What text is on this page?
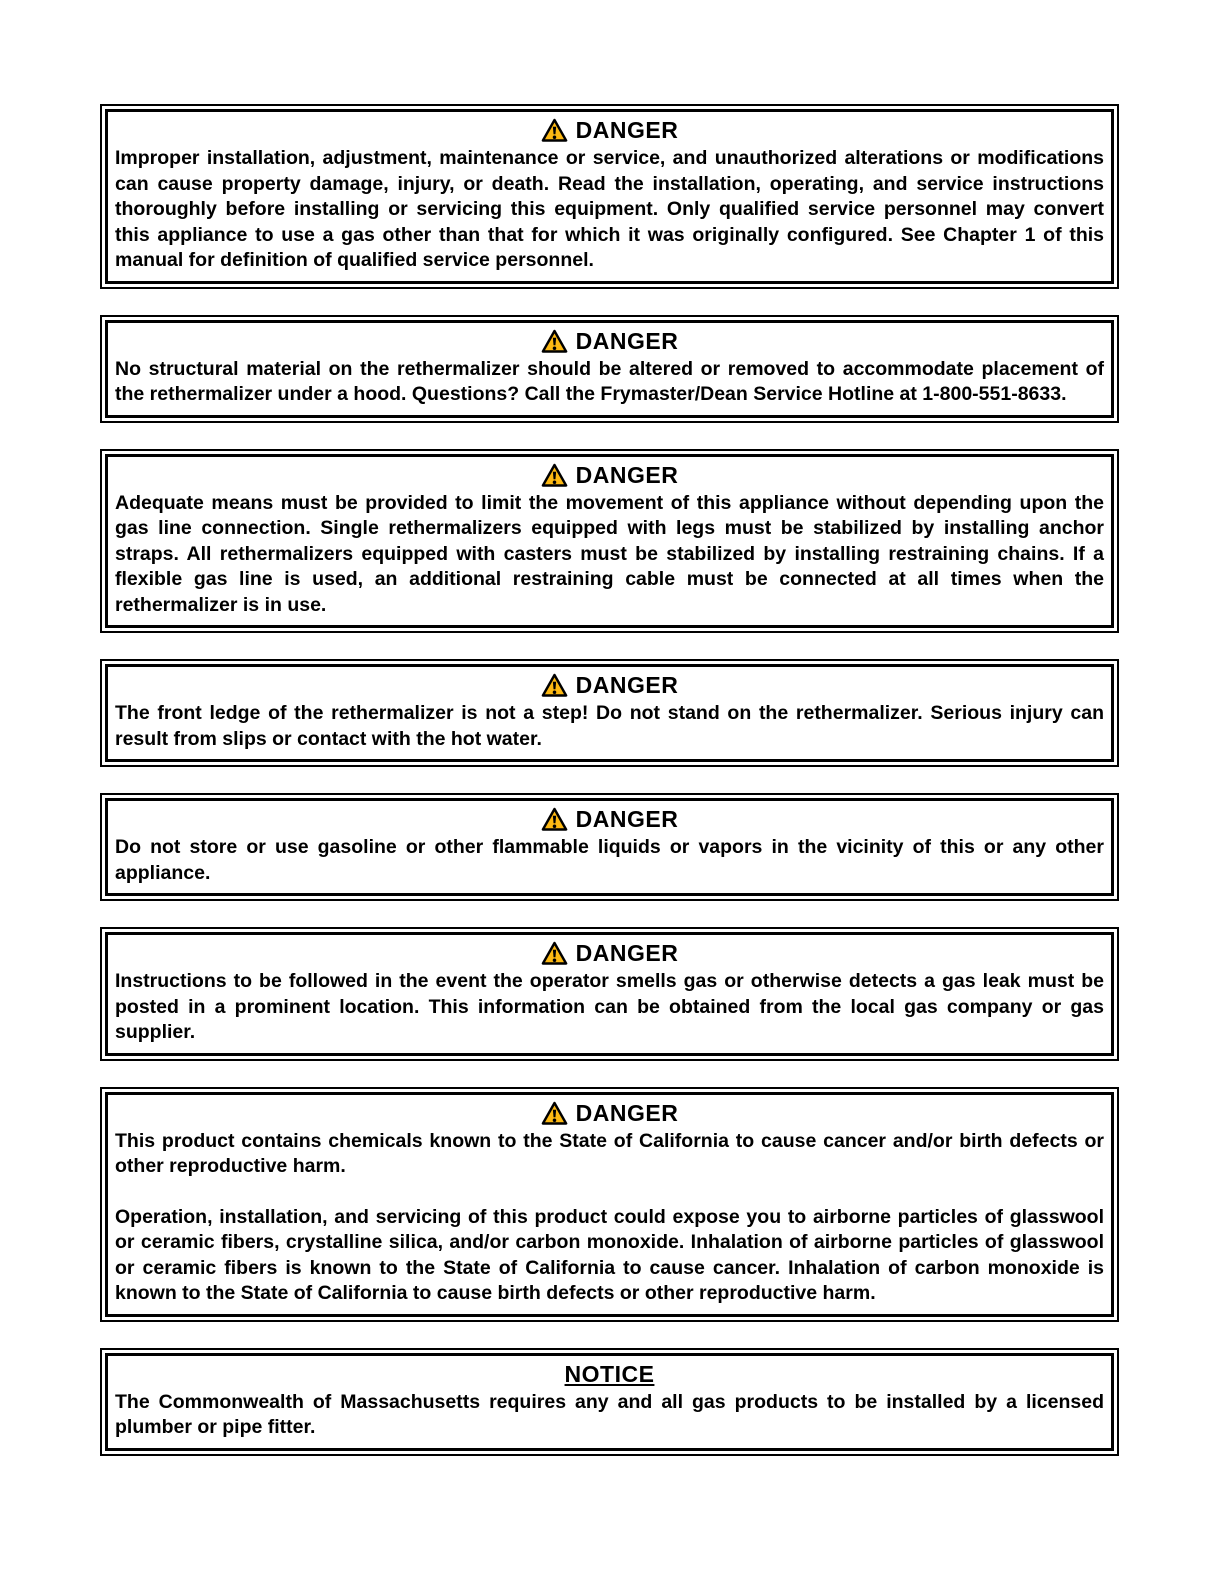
DANGER

Improper installation, adjustment, maintenance or service, and unauthorized alterations or modifications can cause property damage, injury, or death. Read the installation, operating, and service instructions thoroughly before installing or servicing this equipment. Only qualified service personnel may convert this appliance to use a gas other than that for which it was originally configured. See Chapter 1 of this manual for definition of qualified service personnel.

DANGER

No structural material on the rethermalizer should be altered or removed to accommodate placement of the rethermalizer under a hood. Questions? Call the Frymaster/Dean Service Hotline at 1-800-551-8633.

DANGER

Adequate means must be provided to limit the movement of this appliance without depending upon the gas line connection. Single rethermalizers equipped with legs must be stabilized by installing anchor straps. All rethermalizers equipped with casters must be stabilized by installing restraining chains. If a flexible gas line is used, an additional restraining cable must be connected at all times when the rethermalizer is in use.

DANGER

The front ledge of the rethermalizer is not a step! Do not stand on the rethermalizer. Serious injury can result from slips or contact with the hot water.

DANGER

Do not store or use gasoline or other flammable liquids or vapors in the vicinity of this or any other appliance.

DANGER

Instructions to be followed in the event the operator smells gas or otherwise detects a gas leak must be posted in a prominent location. This information can be obtained from the local gas company or gas supplier.

DANGER

This product contains chemicals known to the State of California to cause cancer and/or birth defects or other reproductive harm.

Operation, installation, and servicing of this product could expose you to airborne particles of glasswool or ceramic fibers, crystalline silica, and/or carbon monoxide. Inhalation of airborne particles of glasswool or ceramic fibers is known to the State of California to cause cancer. Inhalation of carbon monoxide is known to the State of California to cause birth defects or other reproductive harm.

NOTICE

The Commonwealth of Massachusetts requires any and all gas products to be installed by a licensed plumber or pipe fitter.
